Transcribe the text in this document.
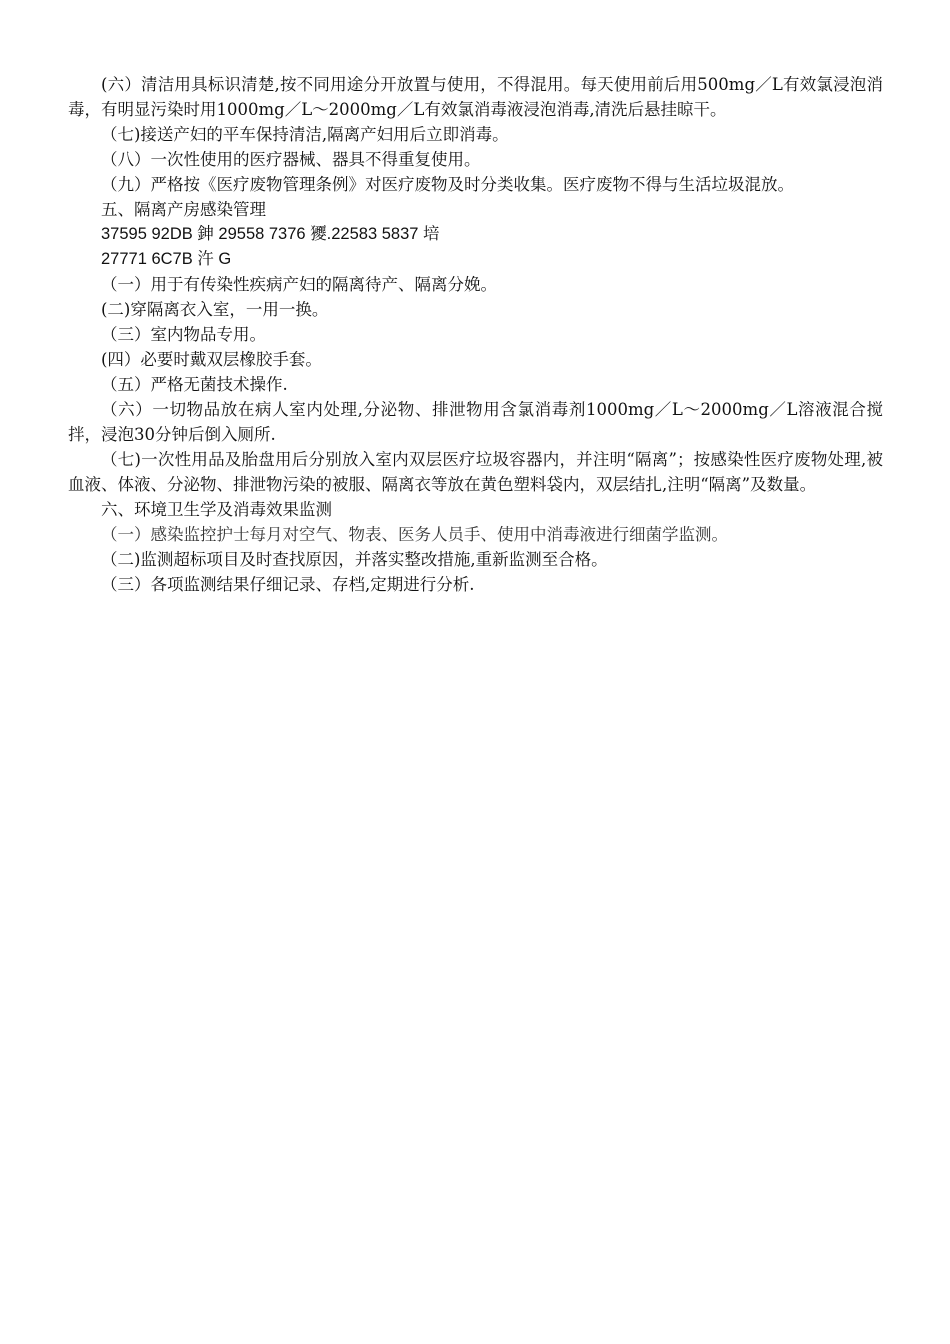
(六）清洁用具标识清楚,按不同用途分开放置与使用，不得混用。每天使用前后用500mg／L有效氯浸泡消毒，有明显污染时用1000mg／L～2000mg／L有效氯消毒液浸泡消毒,清洗后悬挂晾干。

（七)接送产妇的平车保持清洁,隔离产妇用后立即消毒。

（八）一次性使用的医疗器械、器具不得重复使用。

（九）严格按《医疗废物管理条例》对医疗废物及时分类收集。医疗废物不得与生活垃圾混放。

五、隔离产房感染管理

37595 92DB 鉮 29558 7376 獿.22583 5837 培

27771 6C7B 汻 G

（一）用于有传染性疾病产妇的隔离待产、隔离分娩。

(二)穿隔离衣入室，一用一换。

（三）室内物品专用。

(四）必要时戴双层橡胶手套。

（五）严格无菌技术操作.

（六）一切物品放在病人室内处理,分泌物、排泄物用含氯消毒剂1000mg／L～2000mg／L溶液混合搅拌，浸泡30分钟后倒入厕所.

（七)一次性用品及胎盘用后分别放入室内双层医疗垃圾容器内，并注明“隔离”；按感染性医疗废物处理,被血液、体液、分泌物、排泄物污染的被服、隔离衣等放在黄色塑料袋内，双层结扎,注明“隔离”及数量。

六、环境卫生学及消毒效果监测

（一）感染监控护士每月对空气、物表、医务人员手、使用中消毒液进行细菌学监测。

（二)监测超标项目及时查找原因，并落实整改措施,重新监测至合格。

（三）各项监测结果仔细记录、存档,定期进行分析.
